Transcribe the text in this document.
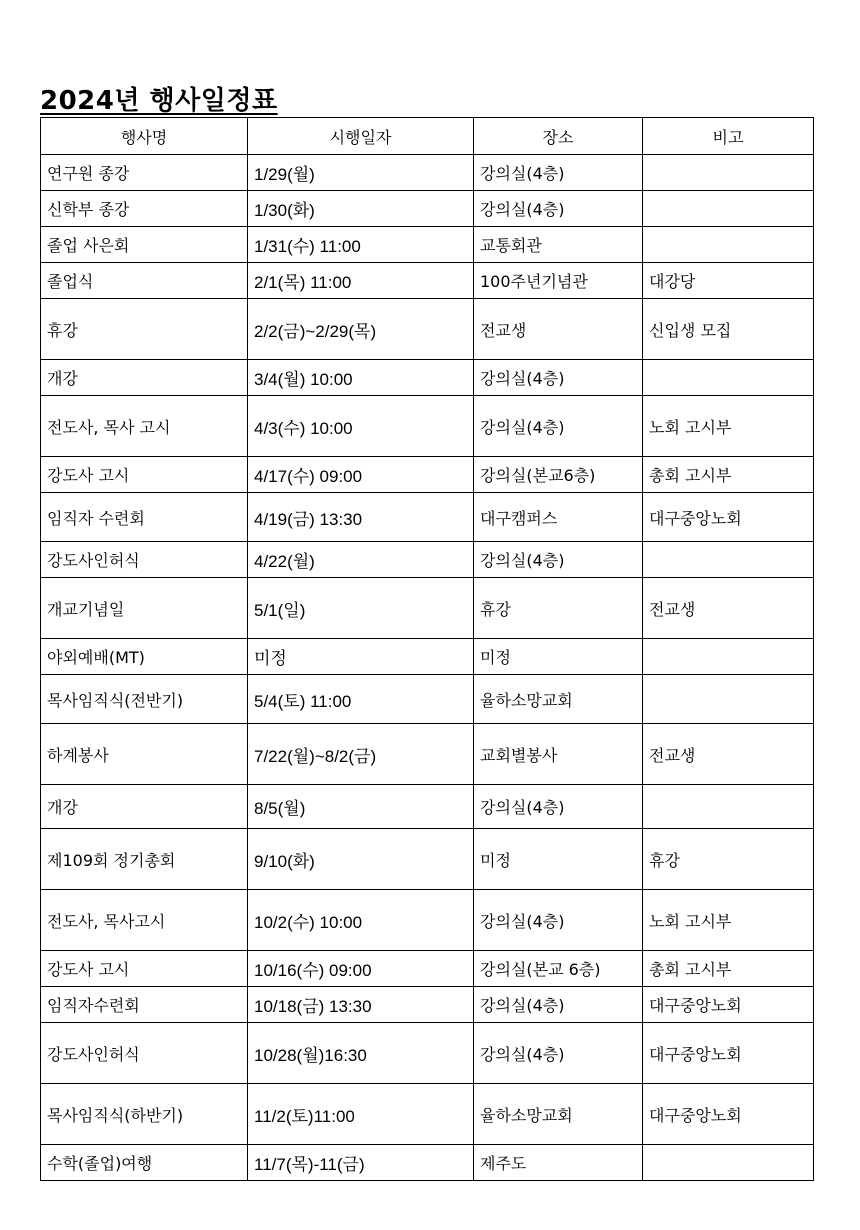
2024년 행사일정표
행사명	시행일자	장소	비고
연구원 종강	1/29(월)	강의실(4층)	
신학부 종강	1/30(화)	강의실(4층)	
졸업 사은회	1/31(수) 11:00	교통회관	
졸업식	2/1(목) 11:00	100주년기념관	대강당
휴강	2/2(금)~2/29(목)	전교생	신입생 모집
개강	3/4(월) 10:00	강의실(4층)	
전도사, 목사 고시	4/3(수) 10:00	강의실(4층)	노회 고시부
강도사 고시	4/17(수) 09:00	강의실(본교6층)	총회 고시부
임직자 수련회	4/19(금) 13:30	대구캠퍼스	대구중앙노회
강도사인허식	4/22(월)	강의실(4층)	
개교기념일	5/1(일)	휴강	전교생
야외예배(MT)	미정	미정	
목사임직식(전반기)	5/4(토) 11:00	율하소망교회	
하계봉사	7/22(월)~8/2(금)	교회별봉사	전교생
개강	8/5(월)	강의실(4층)	
제109회 정기총회	9/10(화)	미정	휴강
전도사, 목사고시	10/2(수) 10:00	강의실(4층)	노회 고시부
강도사 고시	10/16(수) 09:00	강의실(본교 6층)	총회 고시부
임직자수련회	10/18(금) 13:30	강의실(4층)	대구중앙노회
강도사인허식	10/28(월)16:30	강의실(4층)	대구중앙노회
목사임직식(하반기)	11/2(토)11:00	율하소망교회	대구중앙노회
수학(졸업)여행	11/7(목)-11(금)	제주도	
